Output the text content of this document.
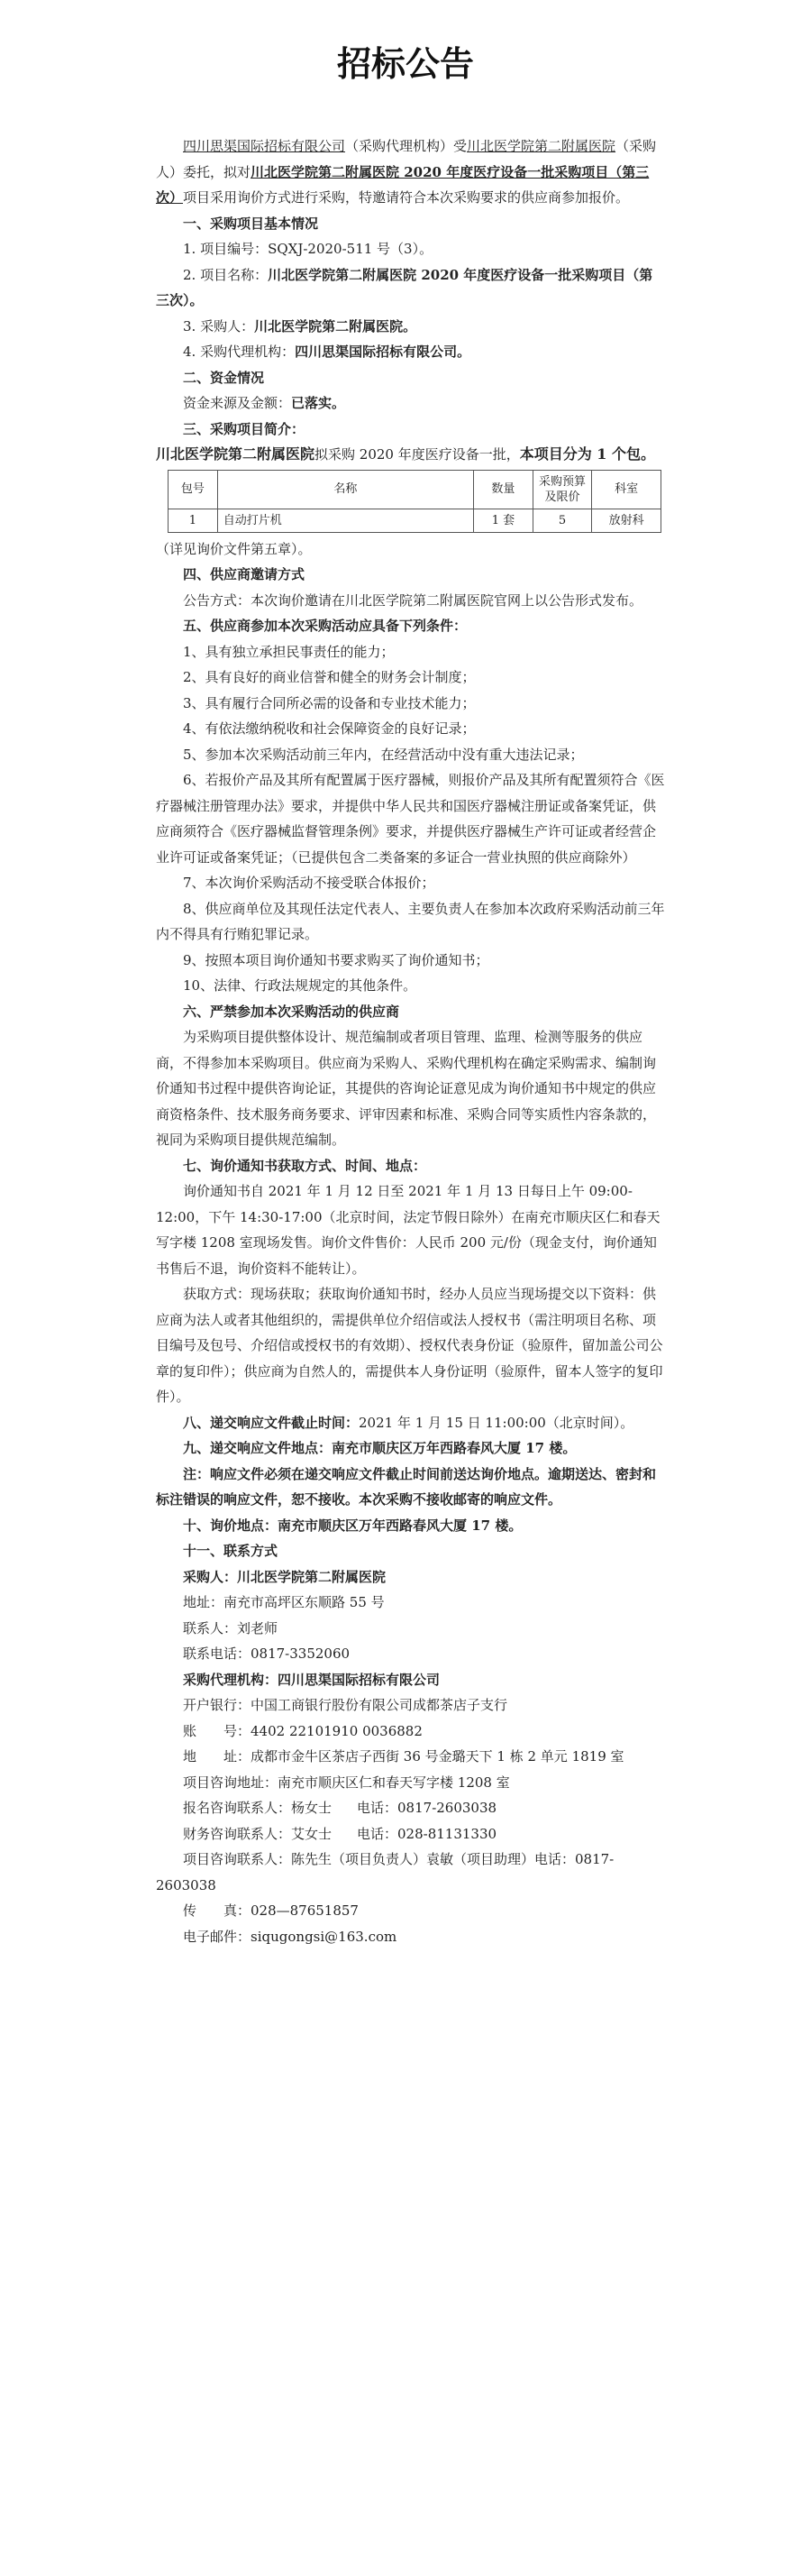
招标公告

四川思渠国际招标有限公司（采购代理机构）受川北医学院第二附属医院（采购人）委托，拟对川北医学院第二附属医院 2020 年度医疗设备一批采购项目（第三次）项目采用询价方式进行采购，特邀请符合本次采购要求的供应商参加报价。

一、采购项目基本情况

1. 项目编号：SQXJ-2020-511 号（3）。

2. 项目名称：川北医学院第二附属医院 2020 年度医疗设备一批采购项目（第三次）。

3. 采购人：川北医学院第二附属医院。

4. 采购代理机构：四川思渠国际招标有限公司。

二、资金情况

资金来源及金额：已落实。

三、采购项目简介：

川北医学院第二附属医院拟采购 2020 年度医疗设备一批，本项目分为 1 个包。

包号	名称	数量	采购预算及限价	科室
1	自动打片机	1 套	5	放射科

（详见询价文件第五章）。

四、供应商邀请方式

公告方式：本次询价邀请在川北医学院第二附属医院官网上以公告形式发布。

五、供应商参加本次采购活动应具备下列条件：

1、具有独立承担民事责任的能力；

2、具有良好的商业信誉和健全的财务会计制度；

3、具有履行合同所必需的设备和专业技术能力；

4、有依法缴纳税收和社会保障资金的良好记录；

5、参加本次采购活动前三年内，在经营活动中没有重大违法记录；

6、若报价产品及其所有配置属于医疗器械，则报价产品及其所有配置须符合《医疗器械注册管理办法》要求，并提供中华人民共和国医疗器械注册证或备案凭证，供应商须符合《医疗器械监督管理条例》要求，并提供医疗器械生产许可证或者经营企业许可证或备案凭证；（已提供包含二类备案的多证合一营业执照的供应商除外）

7、本次询价采购活动不接受联合体报价；

8、供应商单位及其现任法定代表人、主要负责人在参加本次政府采购活动前三年内不得具有行贿犯罪记录。

9、按照本项目询价通知书要求购买了询价通知书；

10、法律、行政法规规定的其他条件。

六、严禁参加本次采购活动的供应商

为采购项目提供整体设计、规范编制或者项目管理、监理、检测等服务的供应商，不得参加本采购项目。供应商为采购人、采购代理机构在确定采购需求、编制询价通知书过程中提供咨询论证，其提供的咨询论证意见成为询价通知书中规定的供应商资格条件、技术服务商务要求、评审因素和标准、采购合同等实质性内容条款的，视同为采购项目提供规范编制。

七、询价通知书获取方式、时间、地点：

询价通知书自 2021 年 1 月 12 日至 2021 年 1 月 13 日每日上午 09:00-12:00，下午 14:30-17:00（北京时间，法定节假日除外）在南充市顺庆区仁和春天写字楼 1208 室现场发售。询价文件售价：人民币 200 元/份（现金支付，询价通知书售后不退，询价资料不能转让）。

获取方式：现场获取；获取询价通知书时，经办人员应当现场提交以下资料：供应商为法人或者其他组织的，需提供单位介绍信或法人授权书（需注明项目名称、项目编号及包号、介绍信或授权书的有效期）、授权代表身份证（验原件，留加盖公司公章的复印件）；供应商为自然人的，需提供本人身份证明（验原件，留本人签字的复印件）。

八、递交响应文件截止时间：2021 年 1 月 15 日 11:00:00（北京时间）。

九、递交响应文件地点：南充市顺庆区万年西路春风大厦 17 楼。

注：响应文件必须在递交响应文件截止时间前送达询价地点。逾期送达、密封和标注错误的响应文件，恕不接收。本次采购不接收邮寄的响应文件。

十、询价地点：南充市顺庆区万年西路春风大厦 17 楼。

十一、联系方式

采购人：川北医学院第二附属医院

地址：南充市高坪区东顺路 55 号

联系人：刘老师

联系电话：0817-3352060

采购代理机构：四川思渠国际招标有限公司

开户银行：中国工商银行股份有限公司成都茶店子支行

账　　号：4402 22101910 0036882

地　　址：成都市金牛区茶店子西街 36 号金璐天下 1 栋 2 单元 1819 室

项目咨询地址：南充市顺庆区仁和春天写字楼 1208 室

报名咨询联系人：杨女士 电话：0817-2603038

财务咨询联系人：艾女士 电话：028-81131330

项目咨询联系人：陈先生（项目负责人）袁敏（项目助理）电话：0817-2603038

传　　真：028—87651857

电子邮件：siqugongsi@163.com
